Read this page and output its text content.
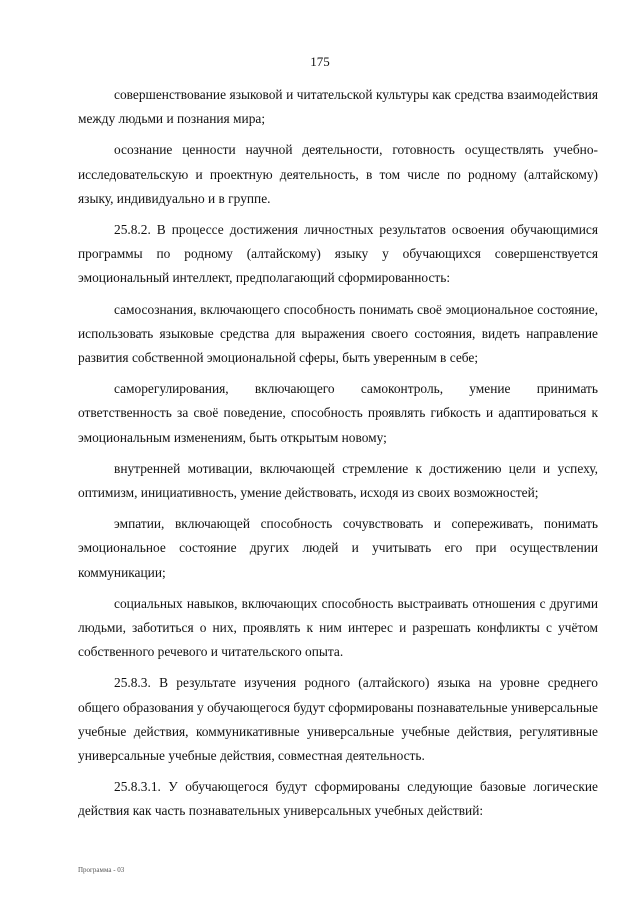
175

совершенствование языковой и читательской культуры как средства взаимодействия между людьми и познания мира;

осознание ценности научной деятельности, готовность осуществлять учебно-исследовательскую и проектную деятельность, в том числе по родному (алтайскому) языку, индивидуально и в группе.

25.8.2. В процессе достижения личностных результатов освоения обучающимися программы по родному (алтайскому) языку у обучающихся совершенствуется эмоциональный интеллект, предполагающий сформированность:

самосознания, включающего способность понимать своё эмоциональное состояние, использовать языковые средства для выражения своего состояния, видеть направление развития собственной эмоциональной сферы, быть уверенным в себе;

саморегулирования, включающего самоконтроль, умение принимать ответственность за своё поведение, способность проявлять гибкость и адаптироваться к эмоциональным изменениям, быть открытым новому;

внутренней мотивации, включающей стремление к достижению цели и успеху, оптимизм, инициативность, умение действовать, исходя из своих возможностей;

эмпатии, включающей способность сочувствовать и сопереживать, понимать эмоциональное состояние других людей и учитывать его при осуществлении коммуникации;

социальных навыков, включающих способность выстраивать отношения с другими людьми, заботиться о них, проявлять к ним интерес и разрешать конфликты с учётом собственного речевого и читательского опыта.

25.8.3. В результате изучения родного (алтайского) языка на уровне среднего общего образования у обучающегося будут сформированы познавательные универсальные учебные действия, коммуникативные универсальные учебные действия, регулятивные универсальные учебные действия, совместная деятельность.

25.8.3.1. У обучающегося будут сформированы следующие базовые логические действия как часть познавательных универсальных учебных действий:

Программа - 03
